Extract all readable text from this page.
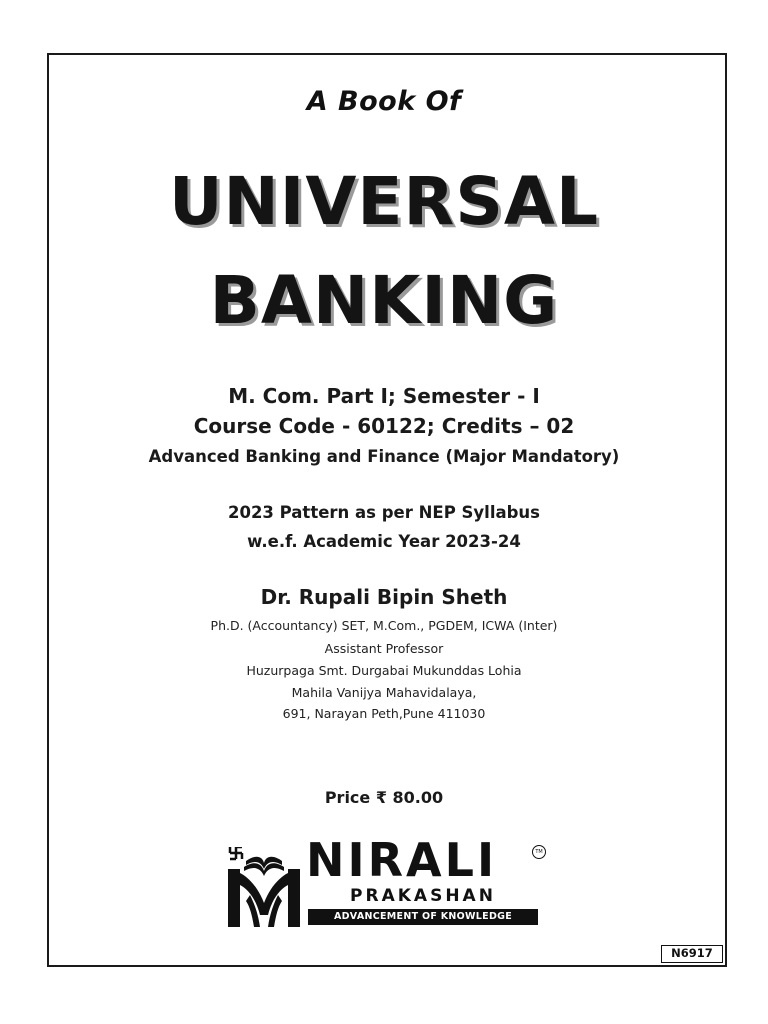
A Book Of
UNIVERSAL
BANKING
M. Com. Part I; Semester - I
Course Code - 60122; Credits – 02
Advanced Banking and Finance (Major Mandatory)
2023 Pattern as per NEP Syllabus
w.e.f. Academic Year 2023-24
Dr. Rupali Bipin Sheth
Ph.D. (Accountancy) SET, M.Com., PGDEM, ICWA (Inter)
Assistant Professor
Huzurpaga Smt. Durgabai Mukunddas Lohia
Mahila Vanijya Mahavidalaya,
691, Narayan Peth,Pune 411030
Price ₹ 80.00
NIRALI	TM
PRAKASHAN
ADVANCEMENT OF KNOWLEDGE
N6917
